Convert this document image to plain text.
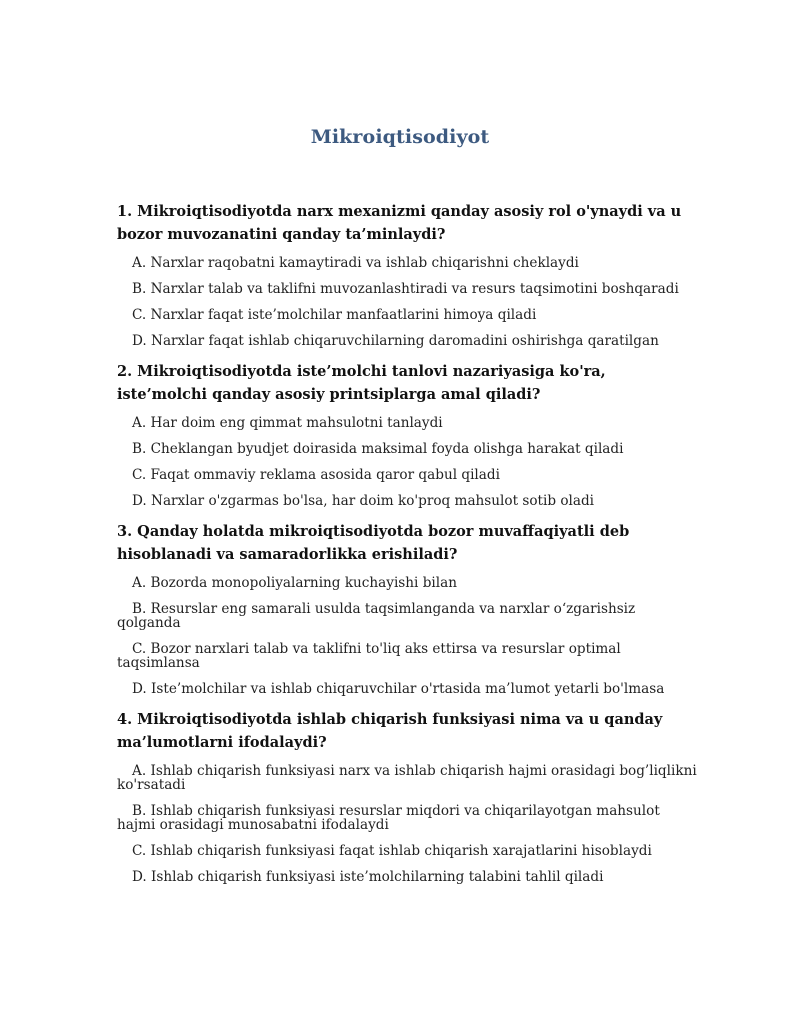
Mikroiqtisodiyot

1. Mikroiqtisodiyotda narx mexanizmi qanday asosiy rol o'ynaydi va u bozor muvozanatini qanday ta’minlaydi?

A. Narxlar raqobatni kamaytiradi va ishlab chiqarishni cheklaydi

B. Narxlar talab va taklifni muvozanlashtiradi va resurs taqsimotini boshqaradi

C. Narxlar faqat iste’molchilar manfaatlarini himoya qiladi

D. Narxlar faqat ishlab chiqaruvchilarning daromadini oshirishga qaratilgan

2. Mikroiqtisodiyotda iste’molchi tanlovi nazariyasiga ko'ra, iste’molchi qanday asosiy printsiplarga amal qiladi?

A. Har doim eng qimmat mahsulotni tanlaydi

B. Cheklangan byudjet doirasida maksimal foyda olishga harakat qiladi

C. Faqat ommaviy reklama asosida qaror qabul qiladi

D. Narxlar o'zgarmas bo'lsa, har doim ko'proq mahsulot sotib oladi

3. Qanday holatda mikroiqtisodiyotda bozor muvaffaqiyatli deb hisoblanadi va samaradorlikka erishiladi?

A. Bozorda monopoliyalarning kuchayishi bilan

B. Resurslar eng samarali usulda taqsimlanganda va narxlar o‘zgarishsiz qolganda

C. Bozor narxlari talab va taklifni to'liq aks ettirsa va resurslar optimal taqsimlansa

D. Iste’molchilar va ishlab chiqaruvchilar o'rtasida ma’lumot yetarli bo'lmasa

4. Mikroiqtisodiyotda ishlab chiqarish funksiyasi nima va u qanday ma’lumotlarni ifodalaydi?

A. Ishlab chiqarish funksiyasi narx va ishlab chiqarish hajmi orasidagi bog’liqlikni ko'rsatadi

B. Ishlab chiqarish funksiyasi resurslar miqdori va chiqarilayotgan mahsulot hajmi orasidagi munosabatni ifodalaydi

C. Ishlab chiqarish funksiyasi faqat ishlab chiqarish xarajatlarini hisoblaydi

D. Ishlab chiqarish funksiyasi iste’molchilarning talabini tahlil qiladi
